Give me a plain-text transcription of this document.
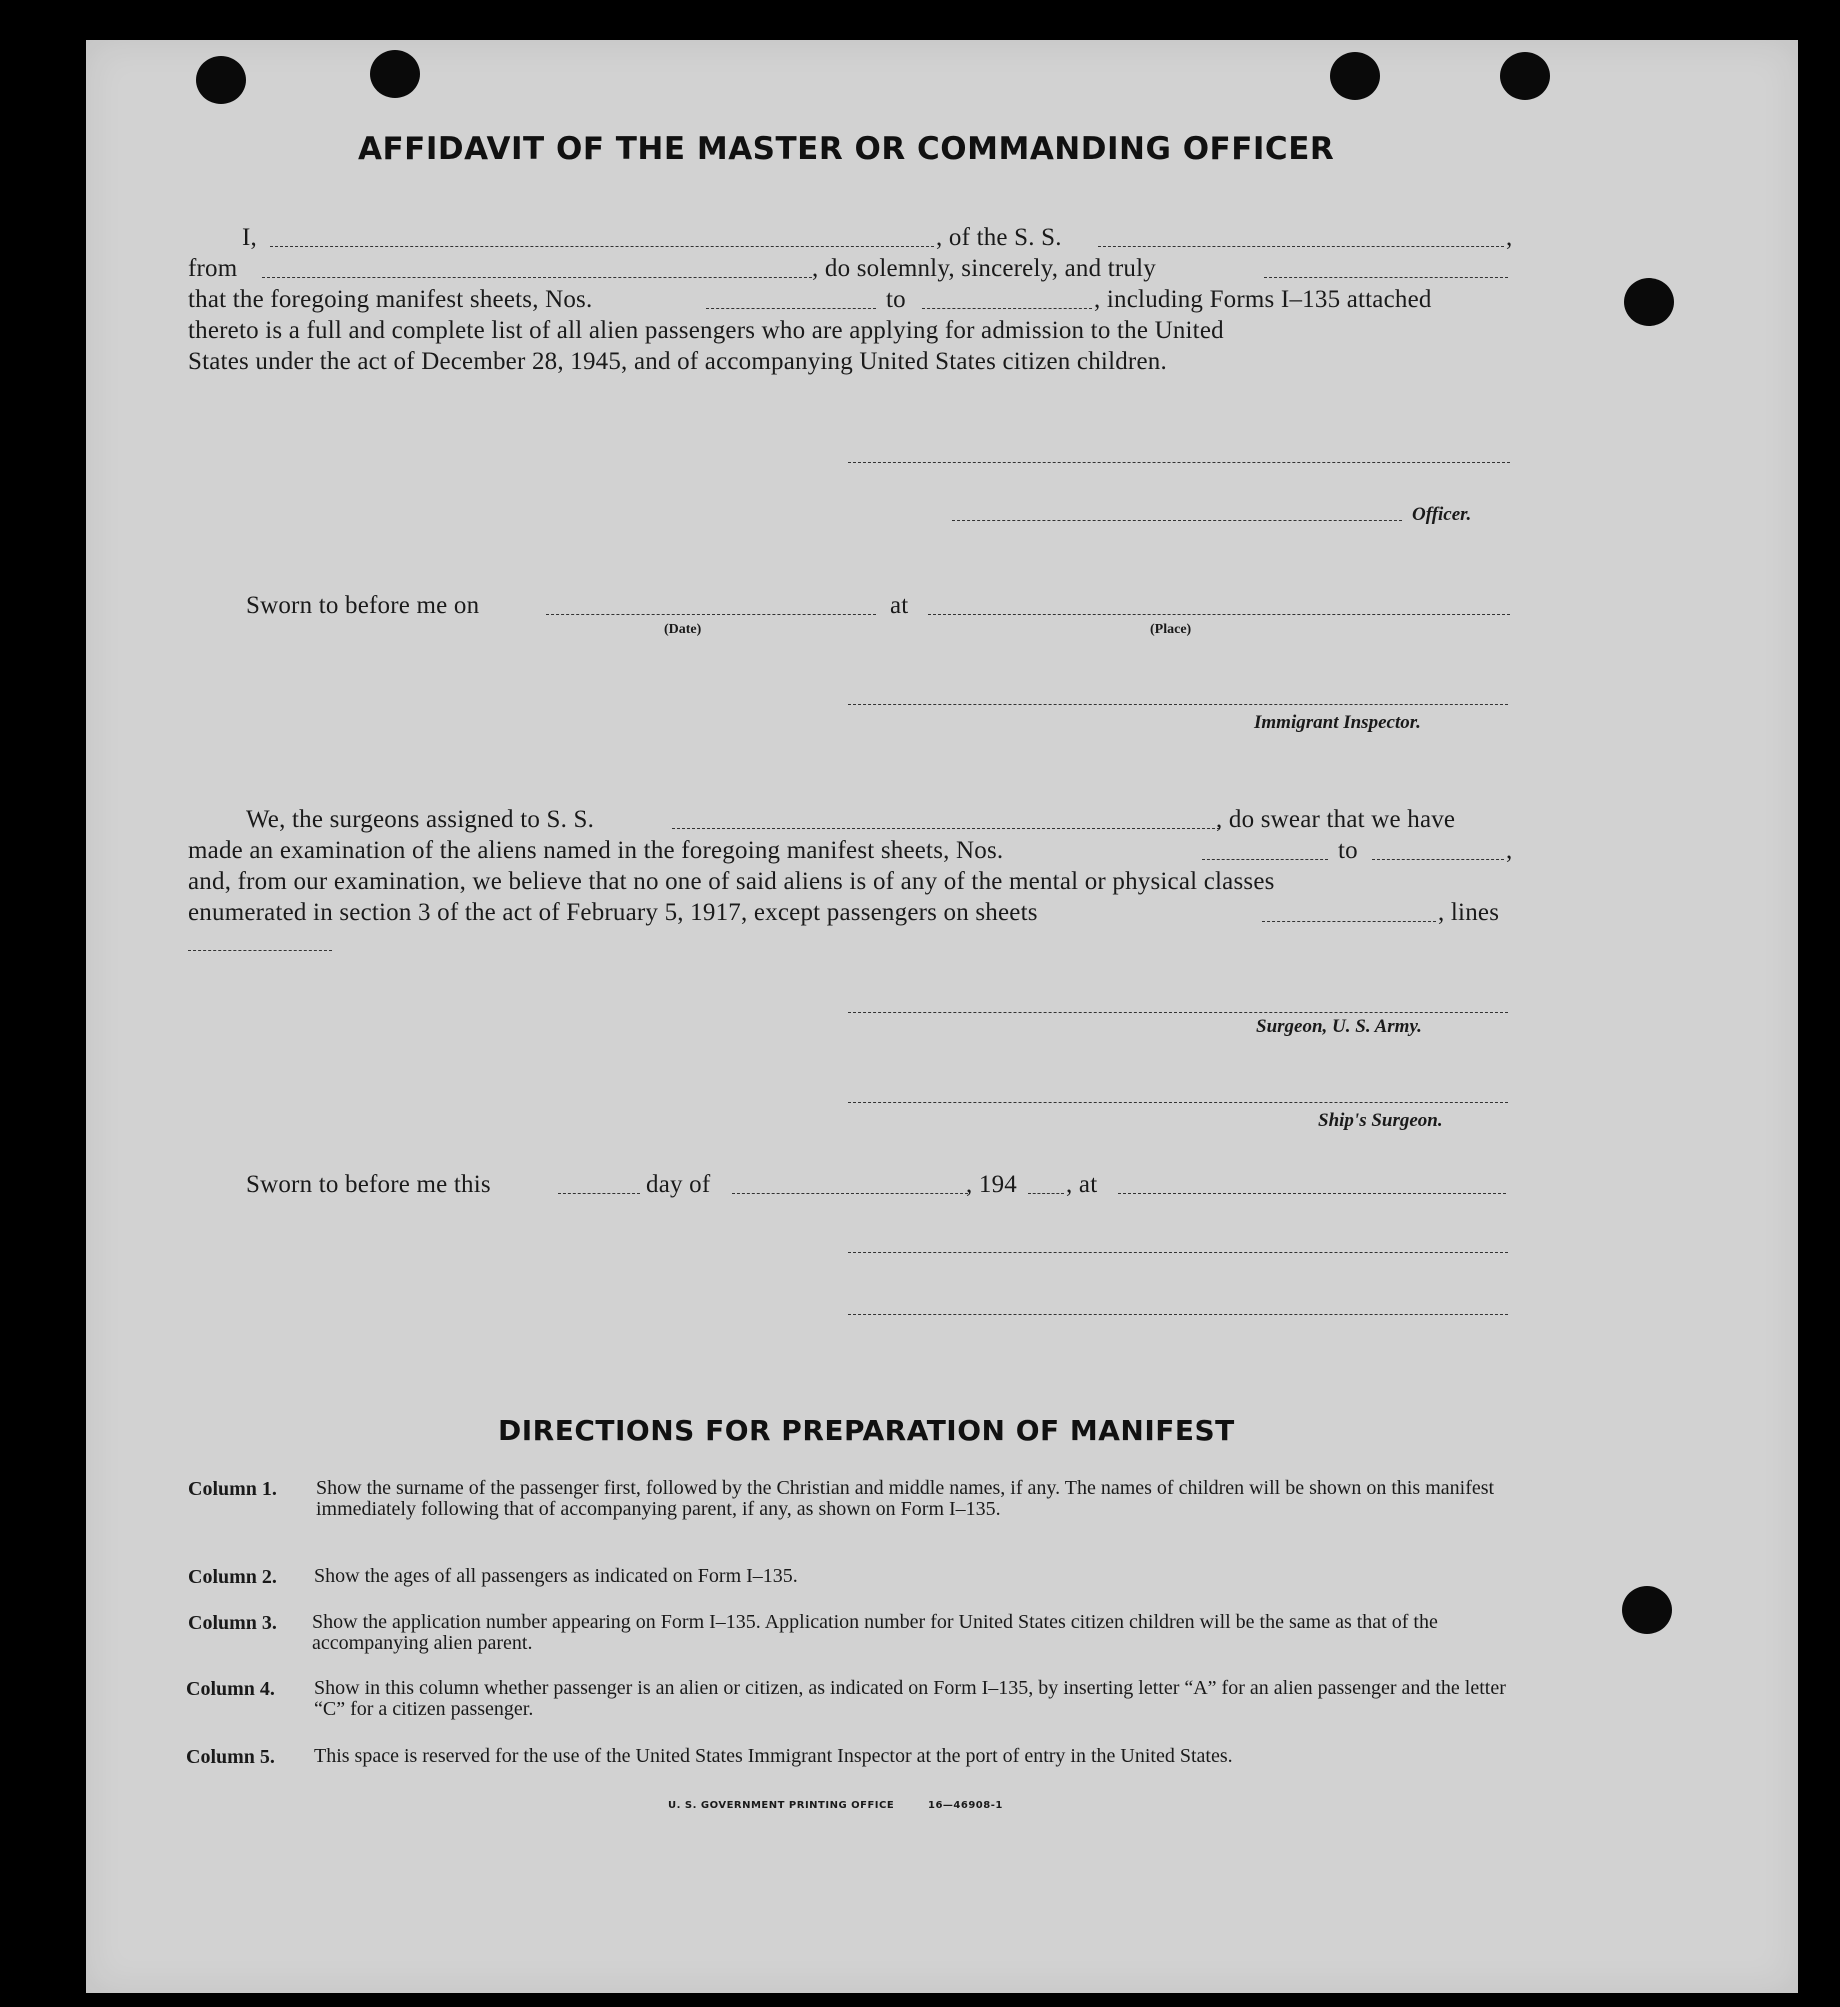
AFFIDAVIT OF THE MASTER OR COMMANDING OFFICER
I,	, of the S. S.	,
from	, do solemnly, sincerely, and truly
that the foregoing manifest sheets, Nos.	to	, including Forms I–135 attached
thereto is a full and complete list of all alien passengers who are applying for admission to the United
States under the act of December 28, 1945, and of accompanying United States citizen children.
Officer.
Sworn to before me on
(Date)
at
(Place)
Immigrant Inspector.
We, the surgeons assigned to S. S.	, do swear that we have
made an examination of the aliens named in the foregoing manifest sheets, Nos.	to	,
and, from our examination, we believe that no one of said aliens is of any of the mental or physical classes
enumerated in section 3 of the act of February 5, 1917, except passengers on sheets	, lines
Surgeon, U. S. Army.
Ship's Surgeon.
Sworn to before me this	day of	, 194 , at
DIRECTIONS FOR PREPARATION OF MANIFEST
Column 1. Show the surname of the passenger first, followed by the Christian and middle names, if any. The names of children will be shown on this manifest immediately following that of accompanying parent, if any, as shown on Form I–135.
Column 2. Show the ages of all passengers as indicated on Form I–135.
Column 3. Show the application number appearing on Form I–135. Application number for United States citizen children will be the same as that of the accompanying alien parent.
Column 4. Show in this column whether passenger is an alien or citizen, as indicated on Form I–135, by inserting letter “A” for an alien passenger and the letter “C” for a citizen passenger.
Column 5. This space is reserved for the use of the United States Immigrant Inspector at the port of entry in the United States.
U. S. GOVERNMENT PRINTING OFFICE	16—46908-1
